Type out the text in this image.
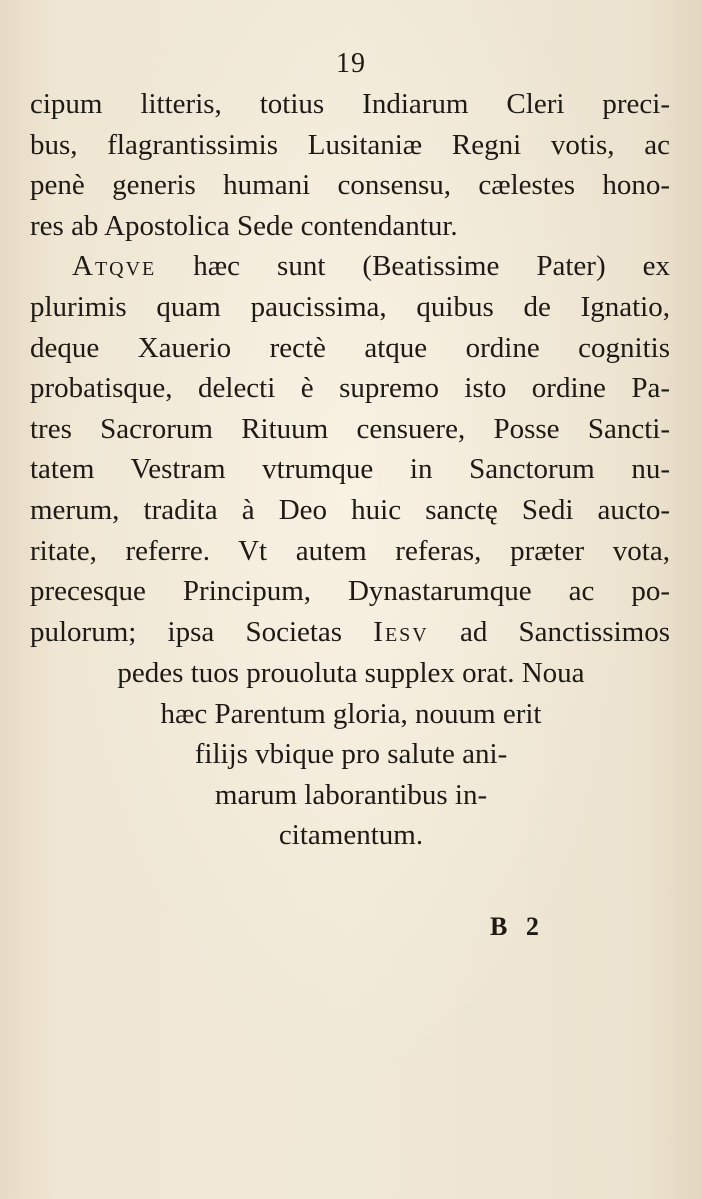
19
cipum litteris, totius Indiarum Cleri preci-
bus, flagrantissimis Lusitaniæ Regni votis, ac
penè generis humani consensu, cælestes hono-
res ab Apostolica Sede contendantur.
Atqve hæc sunt (Beatissime Pater) ex
plurimis quam paucissima, quibus de Ignatio,
deque Xauerio rectè atque ordine cognitis
probatisque, delecti è supremo isto ordine Pa-
tres Sacrorum Rituum censuere, Posse Sancti-
tatem Vestram vtrumque in Sanctorum nu-
merum, tradita à Deo huic sanctę Sedi aucto-
ritate, referre. Vt autem referas, præter vota,
precesque Principum, Dynastarumque ac po-
pulorum; ipsa Societas Iesv ad Sanctissimos
pedes tuos prouoluta supplex orat. Noua
hæc Parentum gloria, nouum erit
filijs vbique pro salute ani-
marum laborantibus in-
citamentum.
B 2
